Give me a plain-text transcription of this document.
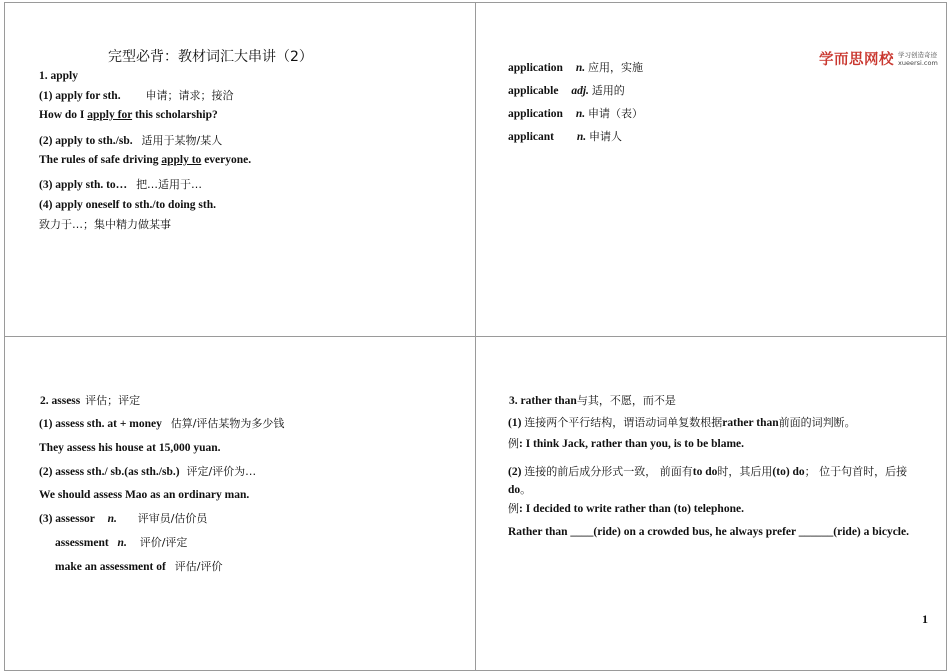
完型必背：教材词汇大串讲（2）
1. apply
(1) apply for sth. 申请；请求；接洽
How do I apply for this scholarship?
(2) apply to sth./sb. 适用于某物/某人
The rules of safe driving apply to everyone.
(3) apply sth. to… 把…适用于…
(4) apply oneself to sth./to doing sth.
致力于…；集中精力做某事
学而思网校 学习创造奇迹
xueersi.com
application n. 应用，实施
applicable adj. 适用的
application n. 申请（表）
applicant n. 申请人
2. assess 评估；评定
(1) assess sth. at + money 估算/评估某物为多少钱
They assess his house at 15,000 yuan.
(2) assess sth./ sb.(as sth./sb.) 评定/评价为…
We should assess Mao as an ordinary man.
(3) assessor n. 评审员/估价员
assessment n. 评价/评定
make an assessment of 评估/评价
3. rather than与其，不愿，而不是
(1) 连接两个平行结构，谓语动词单复数根据rather than前面的词判断。
例: I think Jack, rather than you, is to be blame.
(2) 连接的前后成分形式一致， 前面有to do时，其后用(to) do； 位于句首时，后接do。
例: I decided to write rather than (to) telephone.
Rather than ____(ride) on a crowded bus, he always prefer ______(ride) a bicycle.
1
